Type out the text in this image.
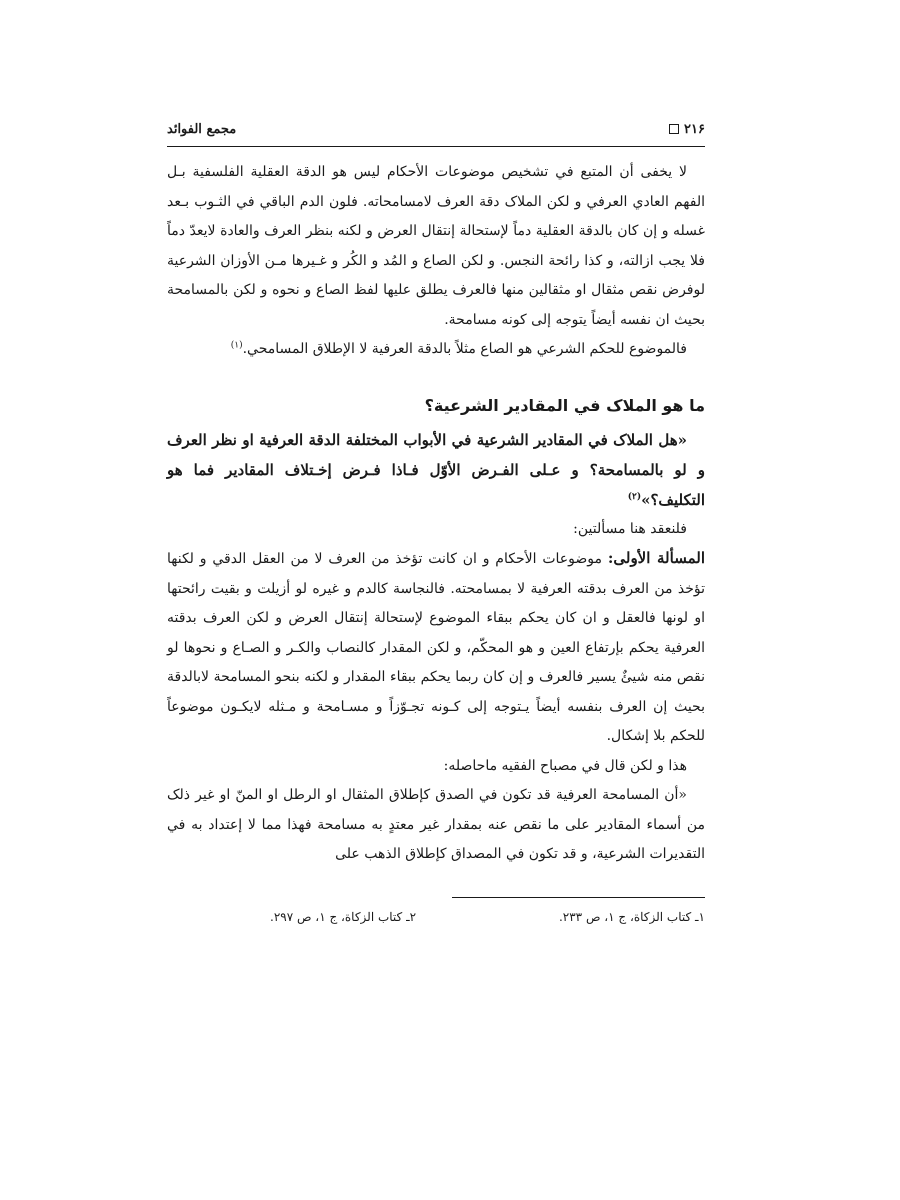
۲۱۶
مجمع الفوائد

لا يخفى أن المتبع في تشخيص موضوعات الأحكام ليس هو الدقة العقلية الفلسفية بـل الفهم العادي العرفي و لكن الملاک دقة العرف لامسامحاته. فلون الدم الباقي في الثـوب بـعد غسله و إن كان بالدقة العقلية دماً لإستحالة إنتقال العرض و لكنه بنظر العرف والعادة لايعدّ دماً فلا يجب ازالته، و كذا رائحة النجس. و لكن الصاع و المُد و الكُر و غـيرها مـن الأوزان الشرعية لوفرض نقص مثقال او مثقالين منها فالعرف يطلق عليها لفظ الصاع و نحوه و لكن بالمسامحة بحيث ان نفسه أيضاً يتوجه إلى كونه مسامحة.

فالموضوع للحكم الشرعي هو الصاع مثلاً بالدقة العرفية لا الإطلاق المسامحي.$^{(۱)}$

ما هو الملاک في المقادير الشرعية؟

«هل الملاک في المقادير الشرعية في الأبواب المختلفة الدقة العرفية او نظر العرف و لو بالمسامحة؟ و عـلى الفـرض الأوّل فـاذا فـرض إخـتلاف المقادير فما هو التكليف؟»$^{(۲)}$

فلنعقد هنا مسألتين:

المسألة الأولى: موضوعات الأحكام و ان كانت تؤخذ من العرف لا من العقل الدقي و لكنها تؤخذ من العرف بدقته العرفية لا بمسامحته. فالنجاسة كالدم و غيره لو أزيلت و بقيت رائحتها او لونها فالعقل و ان كان يحكم ببقاء الموضوع لإستحالة إنتقال العرض و لكن العرف بدقته العرفية يحكم بإرتفاع العين و هو المحكّم، و لكن المقدار كالنصاب والكـر و الصـاع و نحوها لو نقص منه شيئٌ يسير فالعرف و إن كان ربما يحكم ببقاء المقدار و لكنه بنحو المسامحة لابالدقة بحيث إن العرف بنفسه أيضاً يـتوجه إلى كـونه تجـوّزاً و مسـامحة و مـثله لايكـون موضوعاً للحكم بلا إشكال.

هذا و لكن قال في مصباح الفقيه ماحاصله:

«أن المسامحة العرفية قد تكون في الصدق كإطلاق المثقال او الرطل او المنّ او غير ذلک من أسماء المقادير على ما نقص عنه بمقدار غير معتدٍ به مسامحة فهذا مما لا إعتداد به في التقديرات الشرعية، و قد تكون في المصداق كإطلاق الذهب على

۱ـ كتاب الزكاة، ج ۱، ص ۲۳۳.
۲ـ كتاب الزكاة، ج ۱، ص ۲۹۷.
